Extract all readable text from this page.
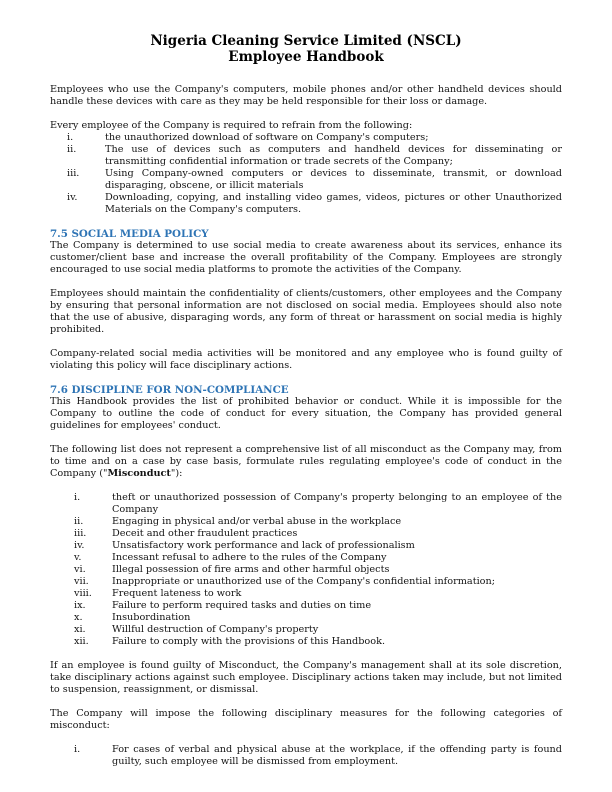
Nigeria Cleaning Service Limited (NSCL)
Employee Handbook

Employees who use the Company's computers, mobile phones and/or other handheld devices should handle these devices with care as they may be held responsible for their loss or damage.

Every employee of the Company is required to refrain from the following:

i.	the unauthorized download of software on Company's computers;
ii.	The use of devices such as computers and handheld devices for disseminating or transmitting confidential information or trade secrets of the Company;
iii.	Using Company-owned computers or devices to disseminate, transmit, or download disparaging, obscene, or illicit materials
iv.	Downloading, copying, and installing video games, videos, pictures or other Unauthorized Materials on the Company's computers.
7.5 SOCIAL MEDIA POLICY

The Company is determined to use social media to create awareness about its services, enhance its customer/client base and increase the overall profitability of the Company. Employees are strongly encouraged to use social media platforms to promote the activities of the Company.

Employees should maintain the confidentiality of clients/customers, other employees and the Company by ensuring that personal information are not disclosed on social media. Employees should also note that the use of abusive, disparaging words, any form of threat or harassment on social media is highly prohibited.

Company-related social media activities will be monitored and any employee who is found guilty of violating this policy will face disciplinary actions.

7.6 DISCIPLINE FOR NON-COMPLIANCE

This Handbook provides the list of prohibited behavior or conduct. While it is impossible for the Company to outline the code of conduct for every situation, the Company has provided general guidelines for employees' conduct.

The following list does not represent a comprehensive list of all misconduct as the Company may, from to time and on a case by case basis, formulate rules regulating employee's code of conduct in the Company ("Misconduct"):

i.	theft or unauthorized possession of Company's property belonging to an employee of the Company
ii.	Engaging in physical and/or verbal abuse in the workplace
iii.	Deceit and other fraudulent practices
iv.	Unsatisfactory work performance and lack of professionalism
v.	Incessant refusal to adhere to the rules of the Company
vi.	Illegal possession of fire arms and other harmful objects
vii.	Inappropriate or unauthorized use of the Company's confidential information;
viii.	Frequent lateness to work
ix.	Failure to perform required tasks and duties on time
x.	Insubordination
xi.	Willful destruction of Company's property
xii.	Failure to comply with the provisions of this Handbook.

If an employee is found guilty of Misconduct, the Company's management shall at its sole discretion, take disciplinary actions against such employee. Disciplinary actions taken may include, but not limited to suspension, reassignment, or dismissal.

The Company will impose the following disciplinary measures for the following categories of misconduct:

i.	For cases of verbal and physical abuse at the workplace, if the offending party is found guilty, such employee will be dismissed from employment.
